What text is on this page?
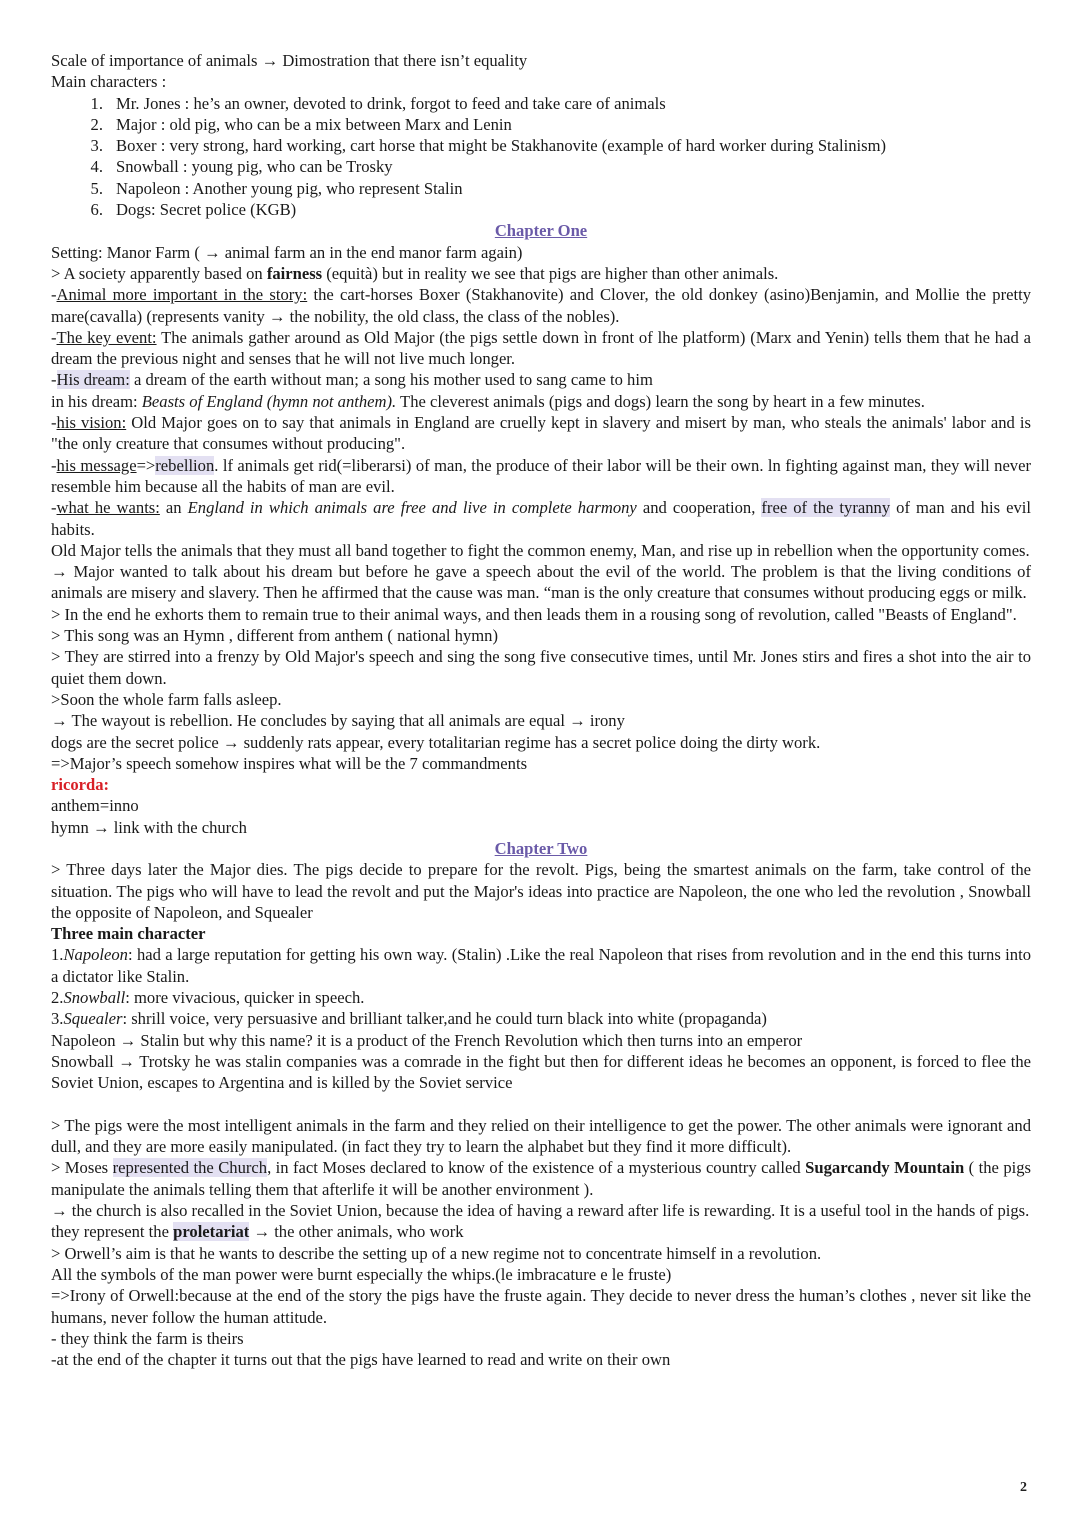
Scale of importance of animals → Dimostration that there isn’t equality

Main characters :

1. Mr. Jones : he’s an owner, devoted to drink, forgot to feed and take care of animals
2. Major : old pig, who can be a mix between Marx and Lenin
3. Boxer : very strong, hard working, cart horse that might be Stakhanovite (example of hard worker during Stalinism)
4. Snowball : young pig, who can be Trosky
5. Napoleon : Another young pig, who represent Stalin
6. Dogs: Secret police (KGB)

Chapter One

Setting: Manor Farm ( → animal farm an in the end manor farm again)

> A society apparently based on fairness (equità) but in reality we see that pigs are higher than other animals.

-Animal more important in the story: the cart-horses Boxer (Stakhanovite) and Clover, the old donkey (asino)Benjamin, and Mollie the pretty mare(cavalla) (represents vanity → the nobility, the old class, the class of the nobles).

-The key event: The animals gather around as Old Major (the pigs settle down ìn front of lhe platform) (Marx and Yenin) tells them that he had a dream the previous night and senses that he will not live much longer.

-His dream: a dream of the earth without man; a song his mother used to sang came to him

in his dream: Beasts of England (hymn not anthem). The cleverest animals (pigs and dogs) learn the song by heart in a few minutes.

-his vision: Old Major goes on to say that animals in England are cruelly kept in slavery and misert by man, who steals the animals' labor and is "the only creature that consumes without producing".

-his message=>rebellion. lf animals get rid(=liberarsi) of man, the produce of their labor will be their own. ln fighting against man, they will never resemble him because all the habits of man are evil.

-what he wants: an England in which animals are free and live in complete harmony and cooperation, free of the tyranny of man and his evil habits.

Old Major tells the animals that they must all band together to fight the common enemy, Man, and rise up in rebellion when the opportunity comes.

→ Major wanted to talk about his dream but before he gave a speech about the evil of the world. The problem is that the living conditions of animals are misery and slavery. Then he affirmed that the cause was man. “man is the only creature that consumes without producing eggs or milk.

> In the end he exhorts them to remain true to their animal ways, and then leads them in a rousing song of revolution, called "Beasts of England".

> This song was an Hymn , different from anthem ( national hymn)

> They are stirred into a frenzy by Old Major's speech and sing the song five consecutive times, until Mr. Jones stirs and fires a shot into the air to quiet them down.

>Soon the whole farm falls asleep.

→ The wayout is rebellion. He concludes by saying that all animals are equal → irony

dogs are the secret police → suddenly rats appear, every totalitarian regime has a secret police doing the dirty work.

=>Major’s speech somehow inspires what will be the 7 commandments

ricorda:

anthem=inno

hymn → link with the church

Chapter Two

> Three days later the Major dies. The pigs decide to prepare for the revolt. Pigs, being the smartest animals on the farm, take control of the situation. The pigs who will have to lead the revolt and put the Major's ideas into practice are Napoleon, the one who led the revolution , Snowball the opposite of Napoleon, and Squealer

Three main character

1.Napoleon: had a large reputation for getting his own way. (Stalin) .Like the real Napoleon that rises from revolution and in the end this turns into a dictator like Stalin.

2.Snowball: more vivacious, quicker in speech.

3.Squealer: shrill voice, very persuasive and brilliant talker,and he could turn black into white (propaganda)

Napoleon → Stalin but why this name? it is a product of the French Revolution which then turns into an emperor

Snowball → Trotsky he was stalin companies was a comrade in the fight but then for different ideas he becomes an opponent, is forced to flee the Soviet Union, escapes to Argentina and is killed by the Soviet service

> The pigs were the most intelligent animals in the farm and they relied on their intelligence to get the power. The other animals were ignorant and dull, and they are more easily manipulated. (in fact they try to learn the alphabet but they find it more difficult).

> Moses represented the Church, in fact Moses declared to know of the existence of a mysterious country called Sugarcandy Mountain ( the pigs manipulate the animals telling them that afterlife it will be another environment ).

→ the church is also recalled in the Soviet Union, because the idea of having a reward after life is rewarding. It is a useful tool in the hands of pigs.

they represent the proletariat → the other animals, who work

> Orwell’s aim is that he wants to describe the setting up of a new regime not to concentrate himself in a revolution.

All the symbols of the man power were burnt especially the whips.(le imbracature e le fruste)

=>Irony of Orwell:because at the end of the story the pigs have the fruste again. They decide to never dress the human’s clothes , never sit like the humans, never follow the human attitude.

- they think the farm is theirs

-at the end of the chapter it turns out that the pigs have learned to read and write on their own

2
